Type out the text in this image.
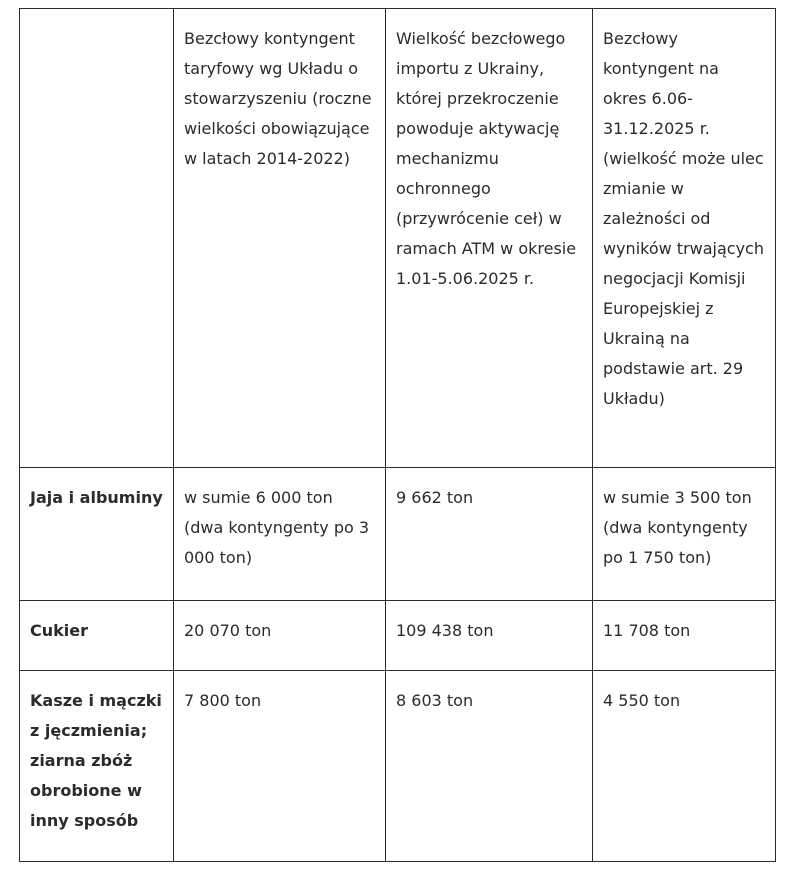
	Bezcłowy kontyngent taryfowy wg Układu o stowarzyszeniu (roczne wielkości obowiązujące w latach 2014-2022)	Wielkość bezcłowego importu z Ukrainy, której przekroczenie powoduje aktywację mechanizmu ochronnego (przywrócenie ceł) w ramach ATM w okresie 1.01-5.06.2025 r.	Bezcłowy kontyngent na okres 6.06-31.12.2025 r. (wielkość może ulec zmianie w zależności od wyników trwających negocjacji Komisji Europejskiej z Ukrainą na podstawie art. 29 Układu)
Jaja i albuminy	w sumie 6 000 ton (dwa kontyngenty po 3 000 ton)	9 662 ton	w sumie 3 500 ton (dwa kontyngenty po 1 750 ton)
Cukier	20 070 ton	109 438 ton	11 708 ton
Kasze i mączki z jęczmienia; ziarna zbóż obrobione w inny sposób	7 800 ton	8 603 ton	4 550 ton
